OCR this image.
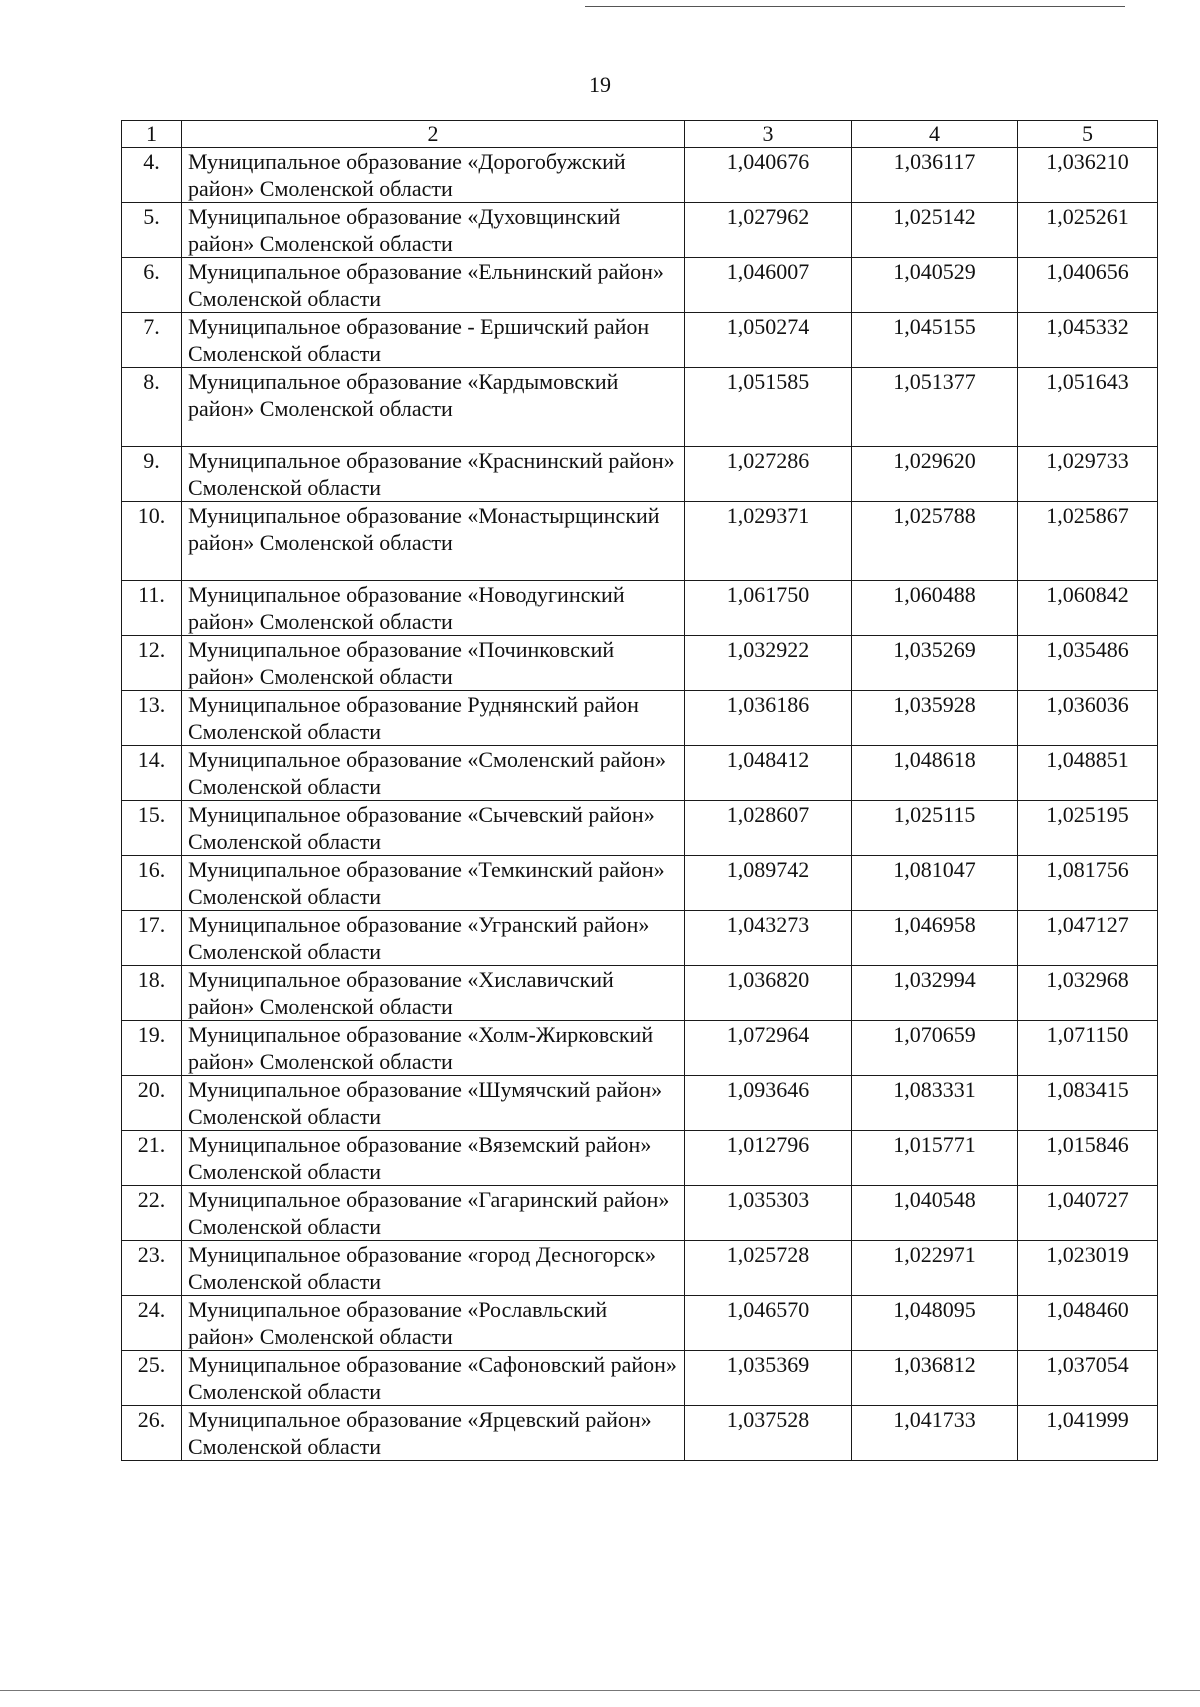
19
1	2	3	4	5
4.	Муниципальное образование «Дорогобужский район» Смоленской области	1,040676	1,036117	1,036210
5.	Муниципальное образование «Духовщинский район» Смоленской области	1,027962	1,025142	1,025261
6.	Муниципальное образование «Ельнинский район» Смоленской области	1,046007	1,040529	1,040656
7.	Муниципальное образование - Ершичский район Смоленской области	1,050274	1,045155	1,045332
8.	Муниципальное образование «Кардымовский район» Смоленской области	1,051585	1,051377	1,051643
9.	Муниципальное образование «Краснинский район» Смоленской области	1,027286	1,029620	1,029733
10.	Муниципальное образование «Монастырщинский район» Смоленской области	1,029371	1,025788	1,025867
11.	Муниципальное образование «Новодугинский район» Смоленской области	1,061750	1,060488	1,060842
12.	Муниципальное образование «Починковский район» Смоленской области	1,032922	1,035269	1,035486
13.	Муниципальное образование Руднянский район Смоленской области	1,036186	1,035928	1,036036
14.	Муниципальное образование «Смоленский район» Смоленской области	1,048412	1,048618	1,048851
15.	Муниципальное образование «Сычевский район» Смоленской области	1,028607	1,025115	1,025195
16.	Муниципальное образование «Темкинский район» Смоленской области	1,089742	1,081047	1,081756
17.	Муниципальное образование «Угранский район» Смоленской области	1,043273	1,046958	1,047127
18.	Муниципальное образование «Хиславичский район» Смоленской области	1,036820	1,032994	1,032968
19.	Муниципальное образование «Холм-Жирковский район» Смоленской области	1,072964	1,070659	1,071150
20.	Муниципальное образование «Шумячский район» Смоленской области	1,093646	1,083331	1,083415
21.	Муниципальное образование «Вяземский район» Смоленской области	1,012796	1,015771	1,015846
22.	Муниципальное образование «Гагаринский район» Смоленской области	1,035303	1,040548	1,040727
23.	Муниципальное образование «город Десногорск» Смоленской области	1,025728	1,022971	1,023019
24.	Муниципальное образование «Рославльский район» Смоленской области	1,046570	1,048095	1,048460
25.	Муниципальное образование «Сафоновский район» Смоленской области	1,035369	1,036812	1,037054
26.	Муниципальное образование «Ярцевский район» Смоленской области	1,037528	1,041733	1,041999
